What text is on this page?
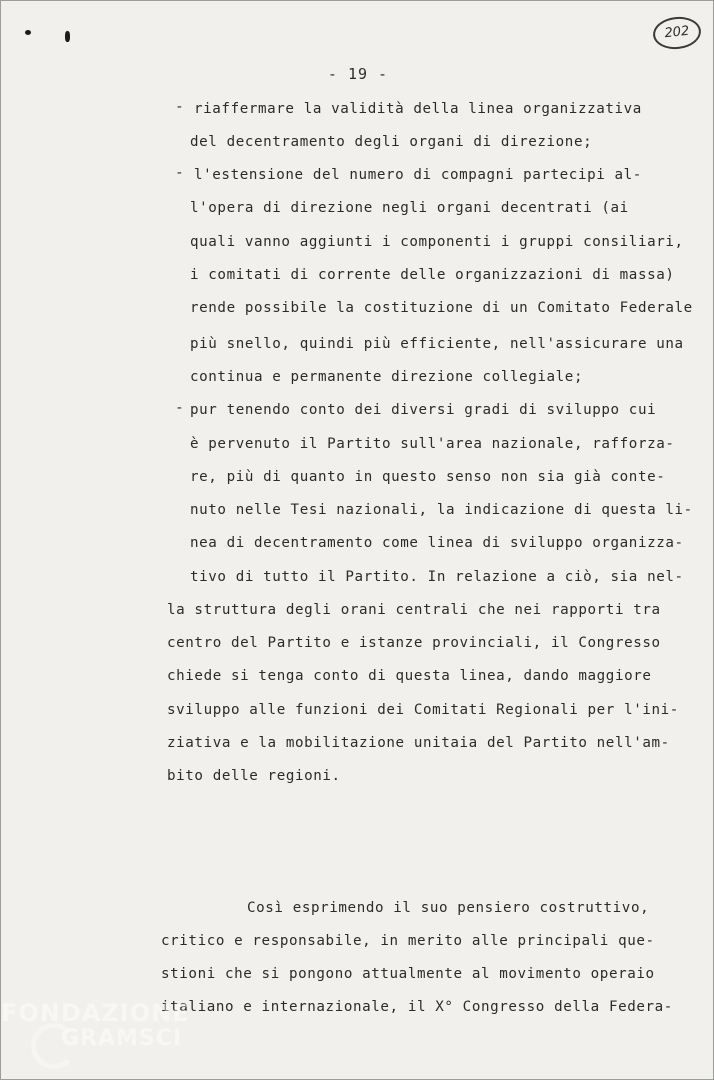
202
- 19 -
-
-
-
riaffermare la validità della linea organizzativa
del decentramento degli organi di direzione;
l'estensione del numero di compagni partecipi al-
l'opera di direzione negli organi decentrati (ai
quali vanno aggiunti i componenti i gruppi consiliari,
i comitati di corrente delle organizzazioni di massa)
rende possibile la costituzione di un Comitato Federale
più snello, quindi più efficiente, nell'assicurare una
continua e permanente direzione collegiale;
pur tenendo conto dei diversi gradi di sviluppo cui
è pervenuto il Partito sull'area nazionale, rafforza-
re, più di quanto in questo senso non sia già conte-
nuto nelle Tesi nazionali, la indicazione di questa li-
nea di decentramento come linea di sviluppo organizza-
tivo di tutto il Partito. In relazione a ciò, sia nel-
la struttura degli orani centrali che nei rapporti tra
centro del Partito e istanze provinciali, il Congresso
chiede si tenga conto di questa linea, dando maggiore
sviluppo alle funzioni dei Comitati Regionali per l'ini-
ziativa e la mobilitazione unitaia del Partito nell'am-
bito delle regioni.
Così esprimendo il suo pensiero costruttivo,
critico e responsabile, in merito alle principali que-
stioni che si pongono attualmente al movimento operaio
italiano e internazionale, il X° Congresso della Federa-
FONDAZIONE
GRAMSCI
